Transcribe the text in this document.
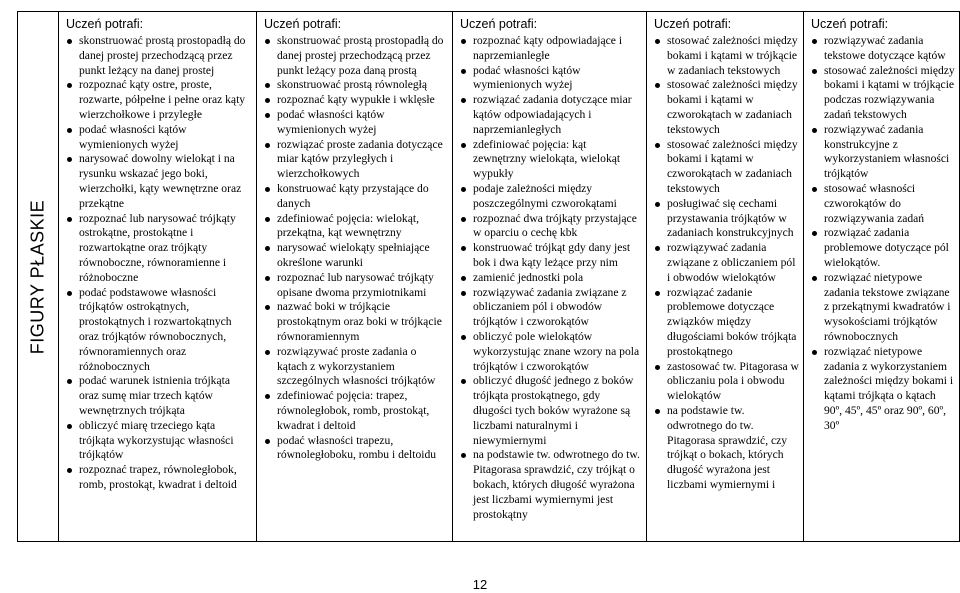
FIGURY PŁASKIE
Uczeń potrafi:
skonstruować prostą prostopadłą do danej prostej przechodzącą przez punkt leżący na danej prostej
rozpoznać kąty ostre, proste, rozwarte, półpełne i pełne oraz kąty wierzchołkowe i przyległe
podać własności kątów wymienionych wyżej
narysować dowolny wielokąt i na rysunku wskazać jego boki, wierzchołki, kąty wewnętrzne oraz przekątne
rozpoznać lub narysować trójkąty ostrokątne, prostokątne i rozwartokątne oraz trójkąty równoboczne, równoramienne i różnoboczne
podać podstawowe własności trójkątów ostrokątnych, prostokątnych i rozwartokątnych oraz trójkątów równobocznych, równoramiennych oraz różnobocznych
podać warunek istnienia trójkąta oraz sumę miar trzech kątów wewnętrznych trójkąta
obliczyć miarę trzeciego kąta trójkąta wykorzystując własności trójkątów
rozpoznać trapez, równoległobok, romb, prostokąt, kwadrat i deltoid
Uczeń potrafi:
skonstruować prostą prostopadłą do danej prostej przechodzącą przez punkt leżący poza daną prostą
skonstruować prostą równoległą
rozpoznać kąty wypukłe i wklęsłe
podać własności kątów wymienionych wyżej
rozwiązać proste zadania dotyczące miar kątów przyległych i wierzchołkowych
konstruować kąty przystające do danych
zdefiniować pojęcia: wielokąt, przekątna, kąt wewnętrzny
narysować wielokąty spełniające określone warunki
rozpoznać lub narysować trójkąty opisane dwoma przymiotnikami
nazwać boki w trójkącie prostokątnym oraz boki w trójkącie równoramiennym
rozwiązywać proste zadania o kątach z wykorzystaniem szczególnych własności trójkątów
zdefiniować pojęcia: trapez, równoległobok, romb, prostokąt, kwadrat i deltoid
podać własności trapezu, równoległoboku, rombu i deltoidu
Uczeń potrafi:
rozpoznać kąty odpowiadające i naprzemianległe
podać własności kątów wymienionych wyżej
rozwiązać zadania dotyczące miar kątów odpowiadających i naprzemianległych
zdefiniować pojęcia: kąt zewnętrzny wielokąta, wielokąt wypukły
podaje zależności między poszczególnymi czworokątami
rozpoznać dwa trójkąty przystające w oparciu o cechę kbk
konstruować trójkąt gdy dany jest bok i dwa kąty leżące przy nim
zamienić jednostki pola
rozwiązywać zadania związane z obliczaniem pól i obwodów trójkątów i czworokątów
obliczyć pole wielokątów wykorzystując znane wzory na pola trójkątów i czworokątów
obliczyć długość jednego z boków trójkąta prostokątnego, gdy długości tych boków wyrażone są liczbami naturalnymi i niewymiernymi
na podstawie tw. odwrotnego do tw. Pitagorasa sprawdzić, czy trójkąt o bokach, których długość wyrażona jest liczbami wymiernymi jest prostokątny
Uczeń potrafi:
stosować zależności między bokami i kątami w trójkącie w zadaniach tekstowych
stosować zależności między bokami i kątami w czworokątach w zadaniach tekstowych
stosować zależności między bokami i kątami w czworokątach w zadaniach tekstowych
posługiwać się cechami przystawania trójkątów w zadaniach konstrukcyjnych
rozwiązywać zadania związane z obliczaniem pól i obwodów wielokątów
rozwiązać zadanie problemowe dotyczące związków między długościami boków trójkąta prostokątnego
zastosować tw. Pitagorasa w obliczaniu pola i obwodu wielokątów
na podstawie tw. odwrotnego do tw. Pitagorasa sprawdzić, czy trójkąt o bokach, których długość wyrażona jest liczbami wymiernymi i
Uczeń potrafi:
rozwiązywać zadania tekstowe dotyczące kątów
stosować zależności między bokami i kątami w trójkącie podczas rozwiązywania zadań tekstowych
rozwiązywać zadania konstrukcyjne z wykorzystaniem własności trójkątów
stosować własności czworokątów do rozwiązywania zadań
rozwiązać zadania problemowe dotyczące pól wielokątów.
rozwiązać nietypowe zadania tekstowe związane z przekątnymi kwadratów i wysokościami trójkątów równobocznych
rozwiązać nietypowe zadania z wykorzystaniem zależności między bokami i kątami trójkąta o kątach 90º, 45º, 45º oraz 90º, 60º, 30º
12
